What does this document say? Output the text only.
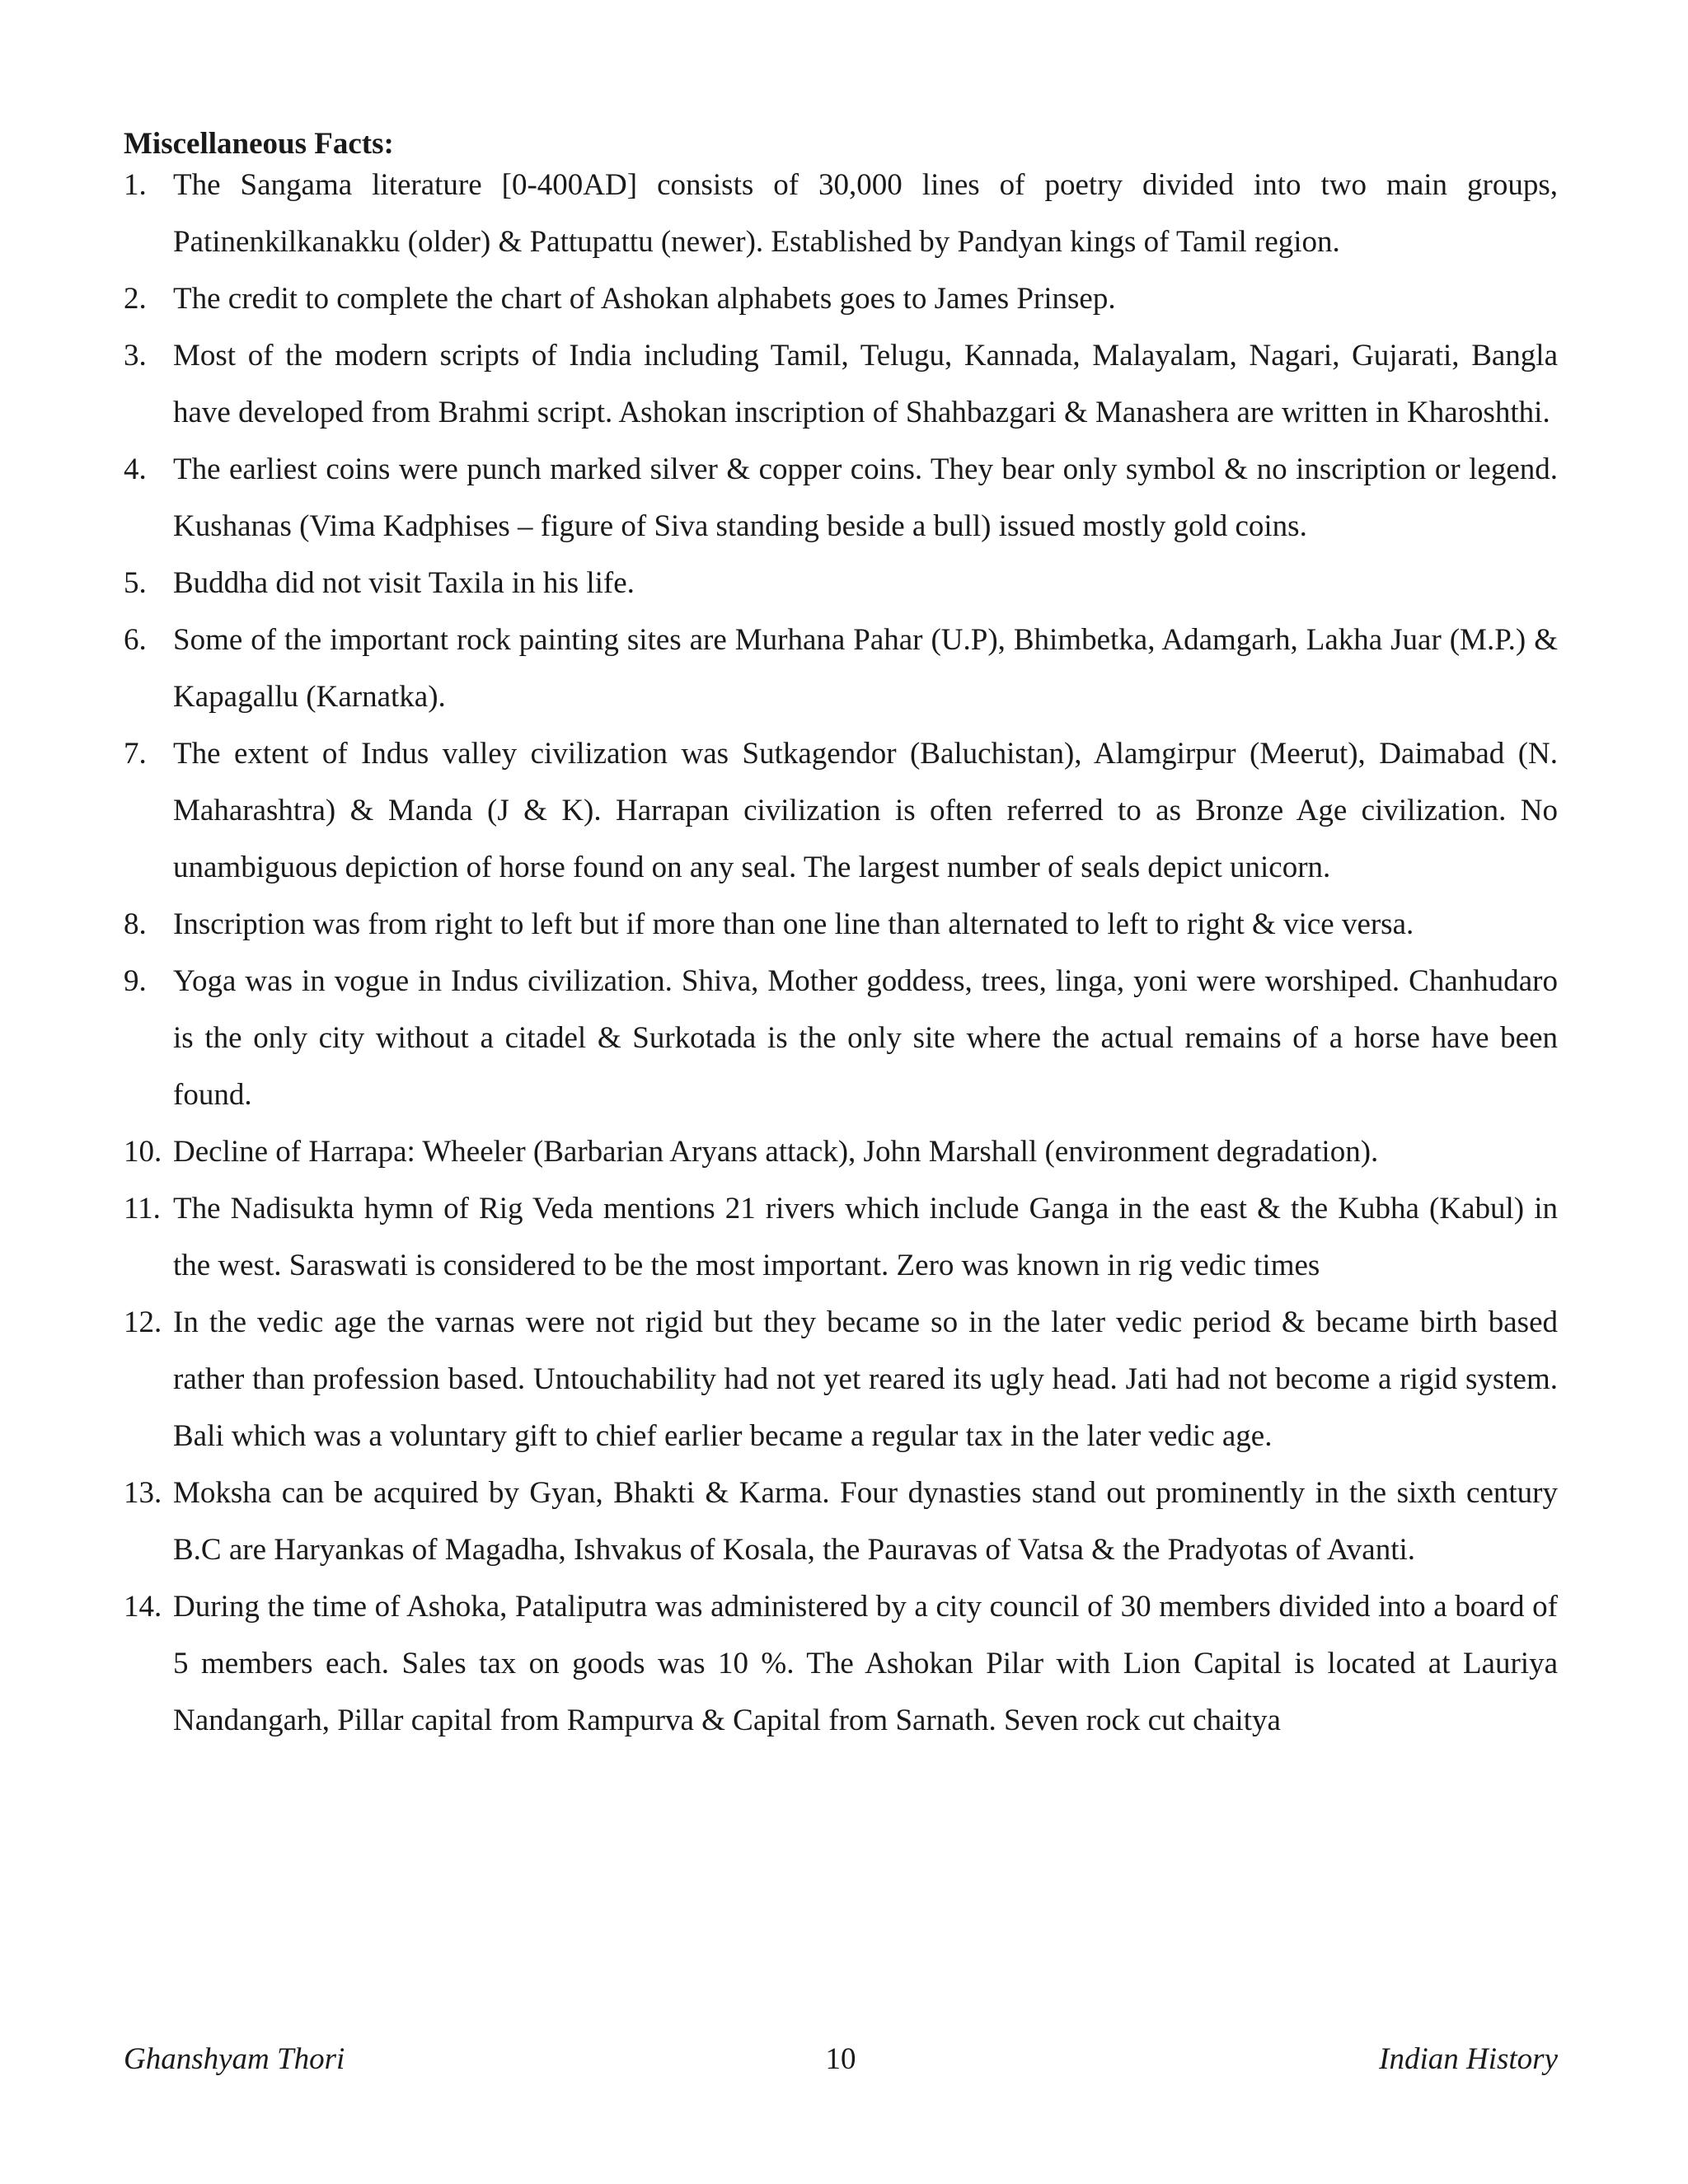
Miscellaneous Facts:
1. The Sangama literature [0-400AD] consists of 30,000 lines of poetry divided into two main groups, Patinenkilkanakku (older) & Pattupattu (newer). Established by Pandyan kings of Tamil region.
2. The credit to complete the chart of Ashokan alphabets goes to James Prinsep.
3. Most of the modern scripts of India including Tamil, Telugu, Kannada, Malayalam, Nagari, Gujarati, Bangla have developed from Brahmi script. Ashokan inscription of Shahbazgari & Manashera are written in Kharoshthi.
4. The earliest coins were punch marked silver & copper coins. They bear only symbol & no inscription or legend. Kushanas (Vima Kadphises – figure of Siva standing beside a bull) issued mostly gold coins.
5. Buddha did not visit Taxila in his life.
6. Some of the important rock painting sites are Murhana Pahar (U.P), Bhimbetka, Adamgarh, Lakha Juar (M.P.) & Kapagallu (Karnatka).
7. The extent of Indus valley civilization was Sutkagendor (Baluchistan), Alamgirpur (Meerut), Daimabad (N. Maharashtra) & Manda (J & K). Harrapan civilization is often referred to as Bronze Age civilization. No unambiguous depiction of horse found on any seal. The largest number of seals depict unicorn.
8. Inscription was from right to left but if more than one line than alternated to left to right & vice versa.
9. Yoga was in vogue in Indus civilization. Shiva, Mother goddess, trees, linga, yoni were worshiped. Chanhudaro is the only city without a citadel & Surkotada is the only site where the actual remains of a horse have been found.
10. Decline of Harrapa: Wheeler (Barbarian Aryans attack), John Marshall (environment degradation).
11. The Nadisukta hymn of Rig Veda mentions 21 rivers which include Ganga in the east & the Kubha (Kabul) in the west. Saraswati is considered to be the most important. Zero was known in rig vedic times
12. In the vedic age the varnas were not rigid but they became so in the later vedic period & became birth based rather than profession based. Untouchability had not yet reared its ugly head. Jati had not become a rigid system. Bali which was a voluntary gift to chief earlier became a regular tax in the later vedic age.
13. Moksha can be acquired by Gyan, Bhakti & Karma. Four dynasties stand out prominently in the sixth century B.C are Haryankas of Magadha, Ishvakus of Kosala, the Pauravas of Vatsa & the Pradyotas of Avanti.
14. During the time of Ashoka, Pataliputra was administered by a city council of 30 members divided into a board of 5 members each. Sales tax on goods was 10 %. The Ashokan Pilar with Lion Capital is located at Lauriya Nandangarh, Pillar capital from Rampurva & Capital from Sarnath. Seven rock cut chaitya
Ghanshyam Thori	10	Indian History
